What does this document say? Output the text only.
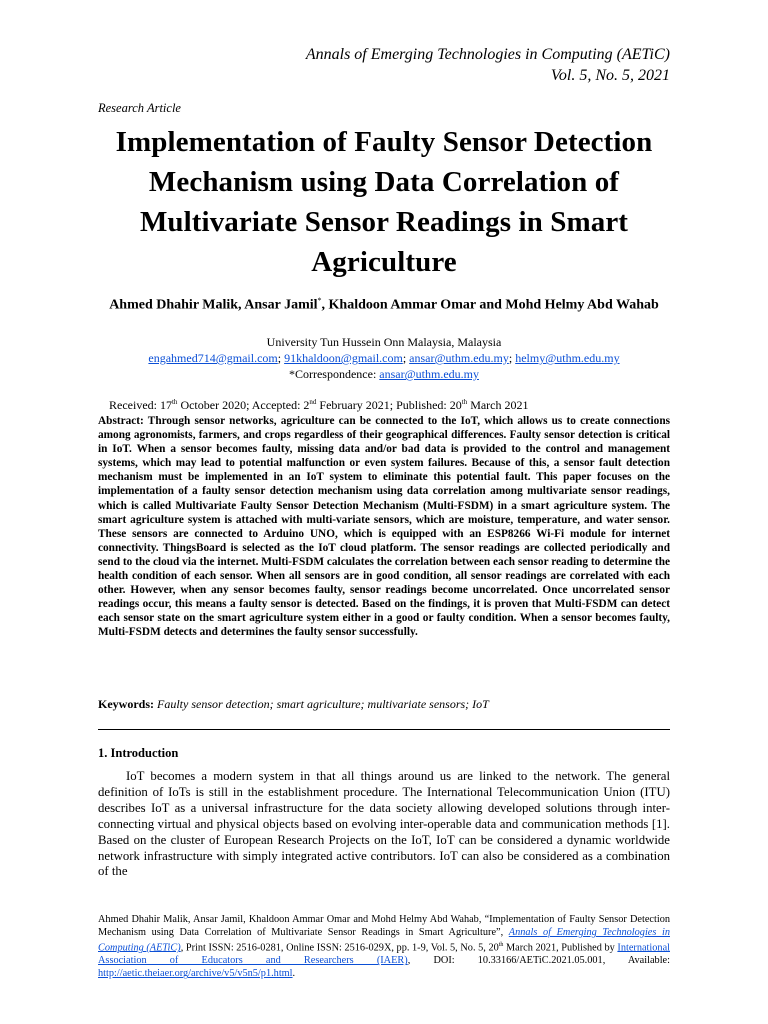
Annals of Emerging Technologies in Computing (AETiC)
Vol. 5, No. 5, 2021
Research Article
Implementation of Faulty Sensor Detection Mechanism using Data Correlation of Multivariate Sensor Readings in Smart Agriculture
Ahmed Dhahir Malik, Ansar Jamil*, Khaldoon Ammar Omar and Mohd Helmy Abd Wahab
University Tun Hussein Onn Malaysia, Malaysia
engahmed714@gmail.com; 91khaldoon@gmail.com; ansar@uthm.edu.my; helmy@uthm.edu.my
*Correspondence: ansar@uthm.edu.my
Received: 17th October 2020; Accepted: 2nd February 2021; Published: 20th March 2021
Abstract: Through sensor networks, agriculture can be connected to the IoT, which allows us to create connections among agronomists, farmers, and crops regardless of their geographical differences. Faulty sensor detection is critical in IoT. When a sensor becomes faulty, missing data and/or bad data is provided to the control and management systems, which may lead to potential malfunction or even system failures. Because of this, a sensor fault detection mechanism must be implemented in an IoT system to eliminate this potential fault. This paper focuses on the implementation of a faulty sensor detection mechanism using data correlation among multivariate sensor readings, which is called Multivariate Faulty Sensor Detection Mechanism (Multi-FSDM) in a smart agriculture system. The smart agriculture system is attached with multi-variate sensors, which are moisture, temperature, and water sensor. These sensors are connected to Arduino UNO, which is equipped with an ESP8266 Wi-Fi module for internet connectivity. ThingsBoard is selected as the IoT cloud platform. The sensor readings are collected periodically and send to the cloud via the internet. Multi-FSDM calculates the correlation between each sensor reading to determine the health condition of each sensor. When all sensors are in good condition, all sensor readings are correlated with each other. However, when any sensor becomes faulty, sensor readings become uncorrelated. Once uncorrelated sensor readings occur, this means a faulty sensor is detected. Based on the findings, it is proven that Multi-FSDM can detect each sensor state on the smart agriculture system either in a good or faulty condition. When a sensor becomes faulty, Multi-FSDM detects and determines the faulty sensor successfully.
Keywords: Faulty sensor detection; smart agriculture; multivariate sensors; IoT
1. Introduction
IoT becomes a modern system in that all things around us are linked to the network. The general definition of IoTs is still in the establishment procedure. The International Telecommunication Union (ITU) describes IoT as a universal infrastructure for the data society allowing developed solutions through inter-connecting virtual and physical objects based on evolving inter-operable data and communication methods [1]. Based on the cluster of European Research Projects on the IoT, IoT can be considered a dynamic worldwide network infrastructure with simply integrated active contributors. IoT can also be considered as a combination of the
Ahmed Dhahir Malik, Ansar Jamil, Khaldoon Ammar Omar and Mohd Helmy Abd Wahab, “Implementation of Faulty Sensor Detection Mechanism using Data Correlation of Multivariate Sensor Readings in Smart Agriculture”, Annals of Emerging Technologies in Computing (AETiC), Print ISSN: 2516-0281, Online ISSN: 2516-029X, pp. 1-9, Vol. 5, No. 5, 20th March 2021, Published by International Association of Educators and Researchers (IAER), DOI: 10.33166/AETiC.2021.05.001, Available: http://aetic.theiaer.org/archive/v5/v5n5/p1.html.
